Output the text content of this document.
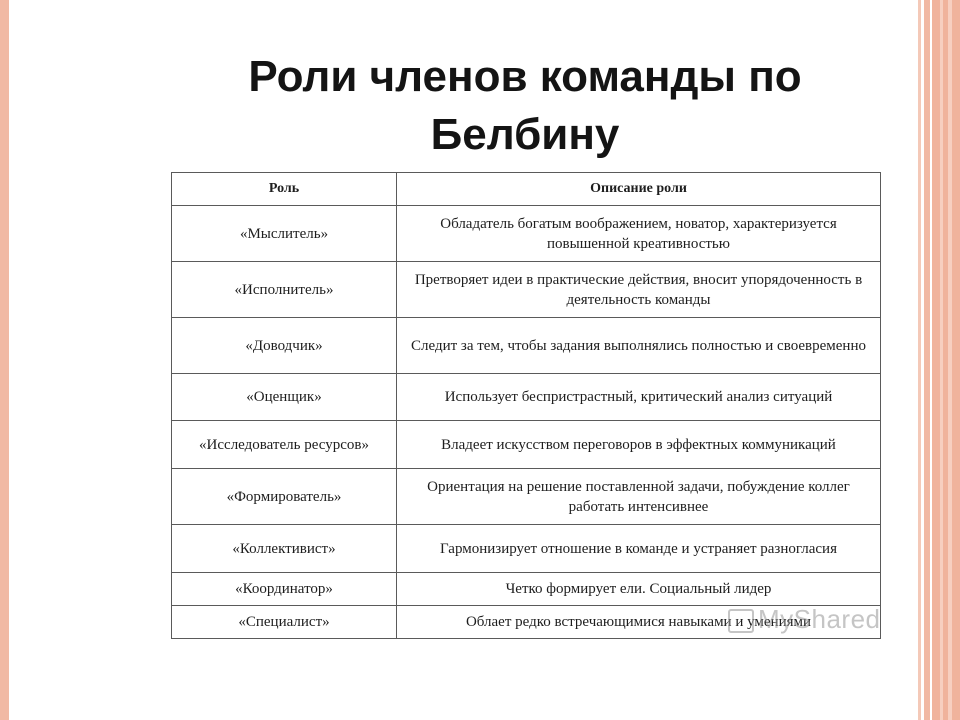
Роли членов команды по Белбину
Роль	Описание роли
«Мыслитель»	Обладатель богатым воображением, новатор, характеризуется повышенной креативностью
«Исполнитель»	Претворяет идеи в практические действия, вносит упорядоченность в деятельность команды
«Доводчик»	Следит за тем, чтобы задания выполнялись полностью и своевременно
«Оценщик»	Использует беспристрастный, критический анализ ситуаций
«Исследователь ресурсов»	Владеет искусством переговоров в эффектных коммуникаций
«Формирователь»	Ориентация на решение поставленной задачи, побуждение коллег работать интенсивнее
«Коллективист»	Гармонизирует отношение в команде и устраняет разногласия
«Координатор»	Четко формирует ели. Социальный лидер
«Специалист»	Облает редко встречающимися навыками и умениями
MyShared
